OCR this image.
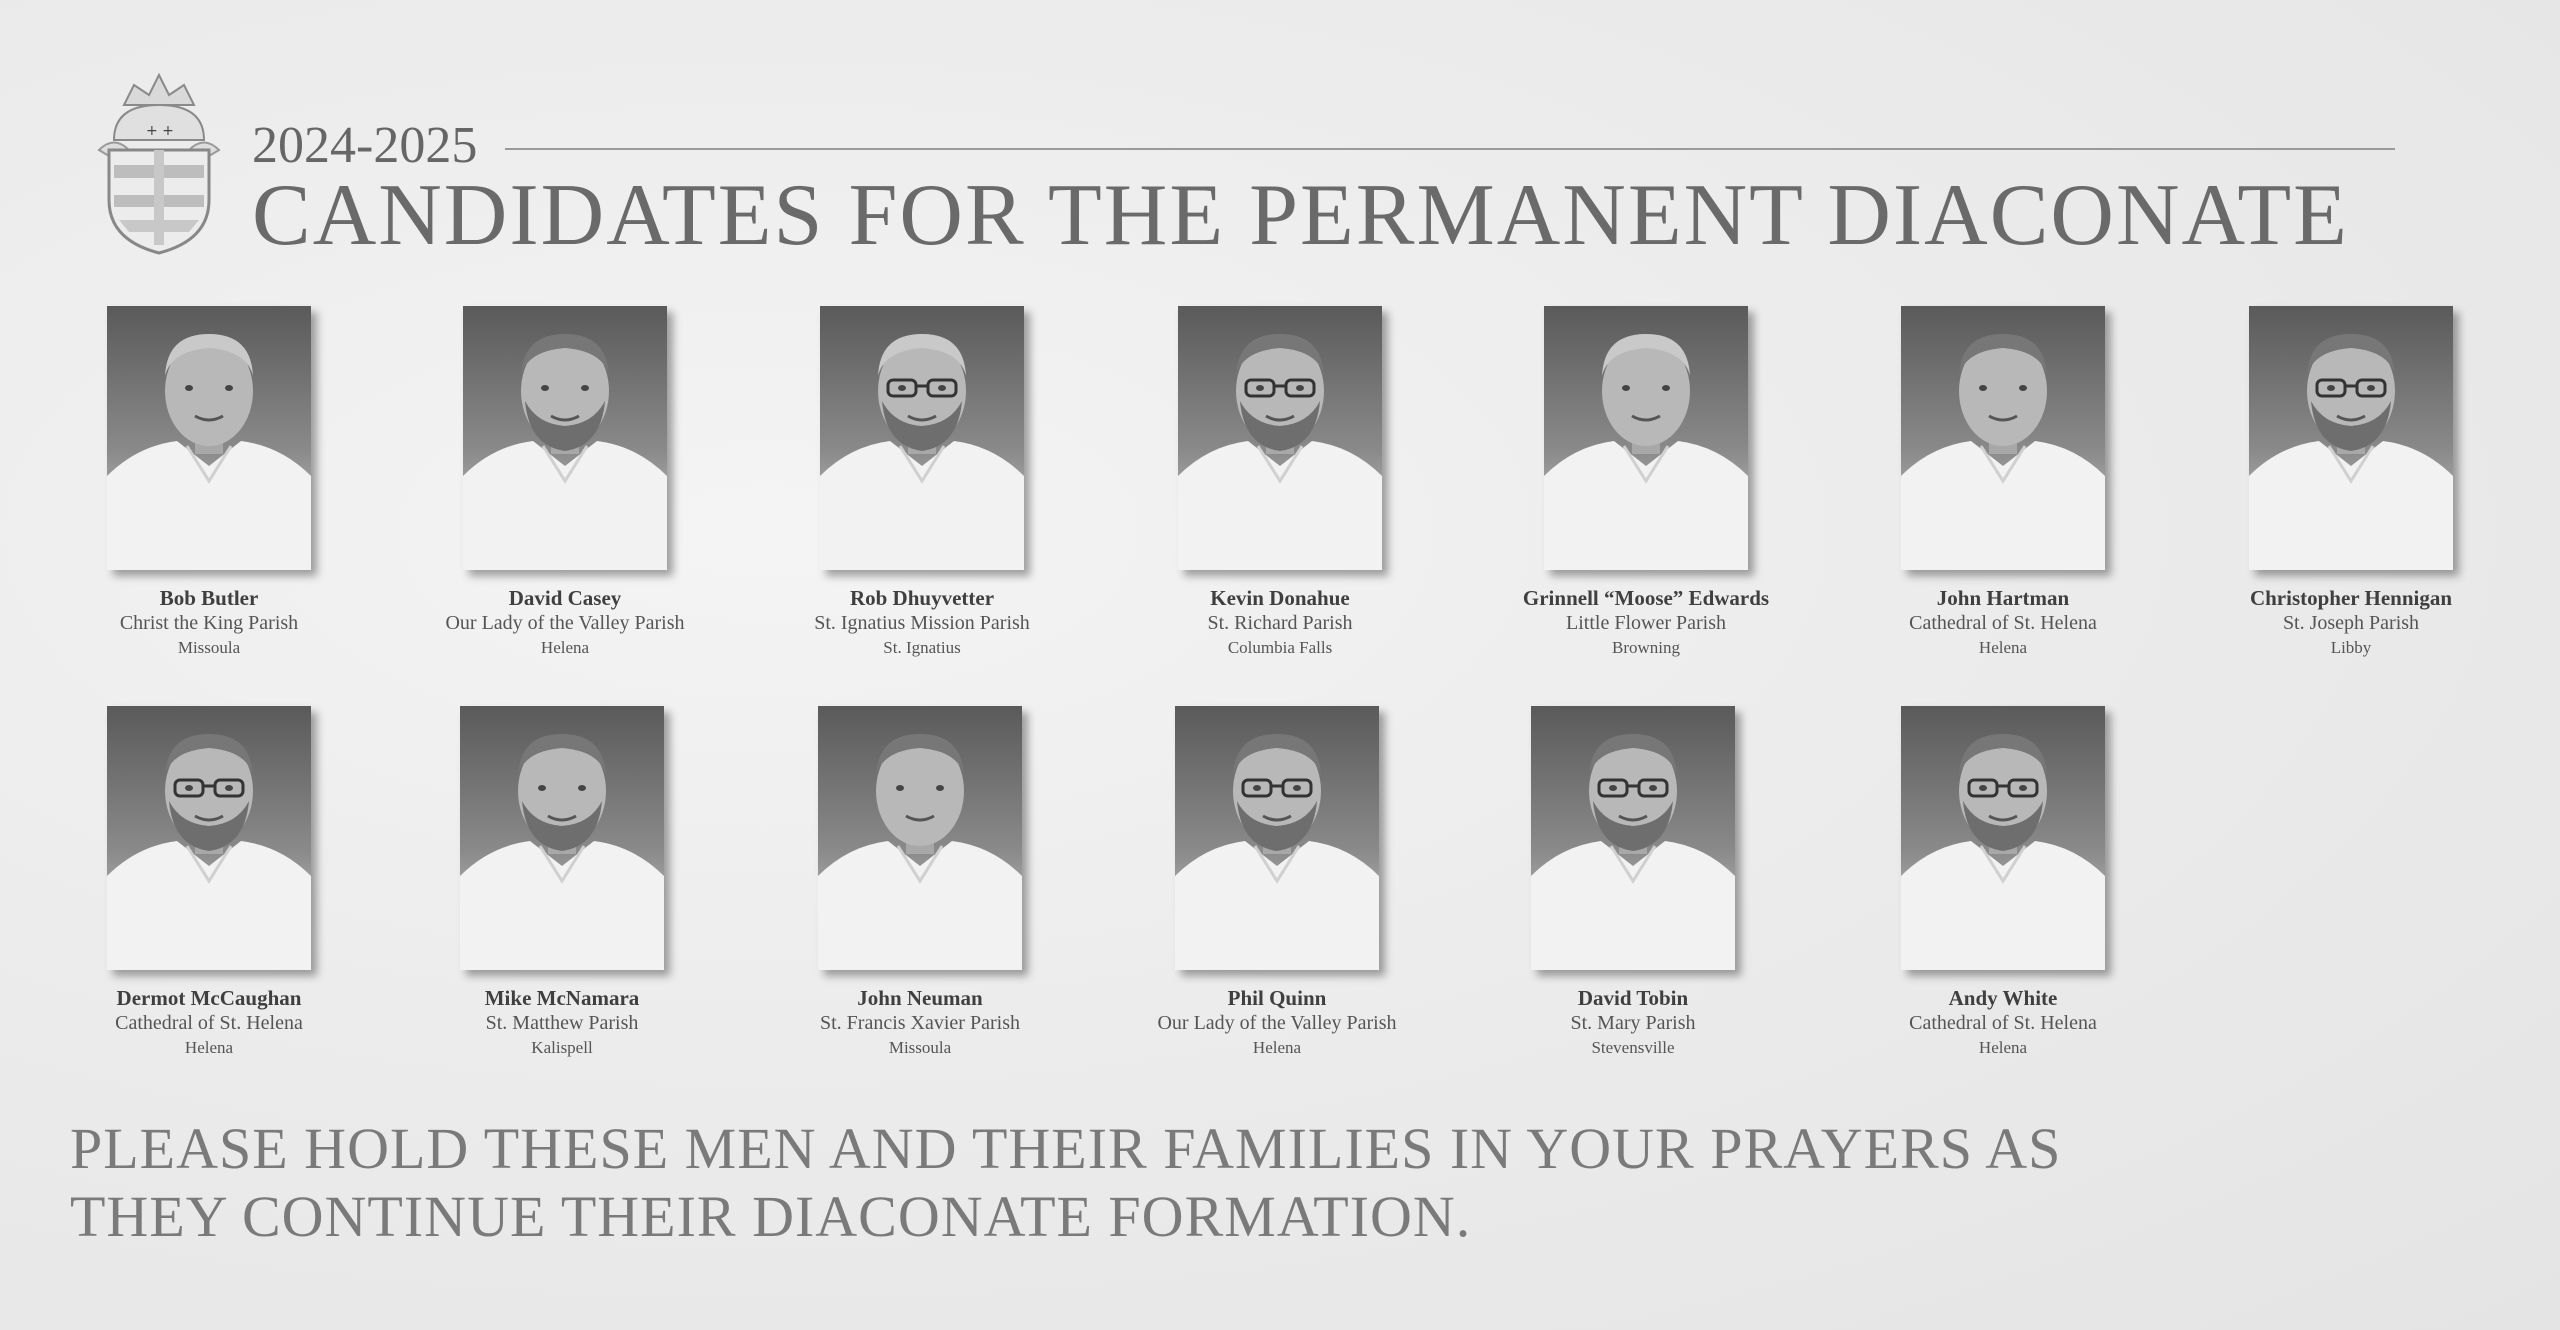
+ + 2024-2025
CANDIDATES FOR THE PERMANENT DIACONATE
Bob Butler
Christ the King Parish
Missoula
David Casey
Our Lady of the Valley Parish
Helena
Rob Dhuyvetter
St. Ignatius Mission Parish
St. Ignatius
Kevin Donahue
St. Richard Parish
Columbia Falls
Grinnell “Moose” Edwards
Little Flower Parish
Browning
John Hartman
Cathedral of St. Helena
Helena
Christopher Hennigan
St. Joseph Parish
Libby
Dermot McCaughan
Cathedral of St. Helena
Helena
Mike McNamara
St. Matthew Parish
Kalispell
John Neuman
St. Francis Xavier Parish
Missoula
Phil Quinn
Our Lady of the Valley Parish
Helena
David Tobin
St. Mary Parish
Stevensville
Andy White
Cathedral of St. Helena
Helena
PLEASE HOLD THESE MEN AND THEIR FAMILIES IN YOUR PRAYERS AS
THEY CONTINUE THEIR DIACONATE FORMATION.
